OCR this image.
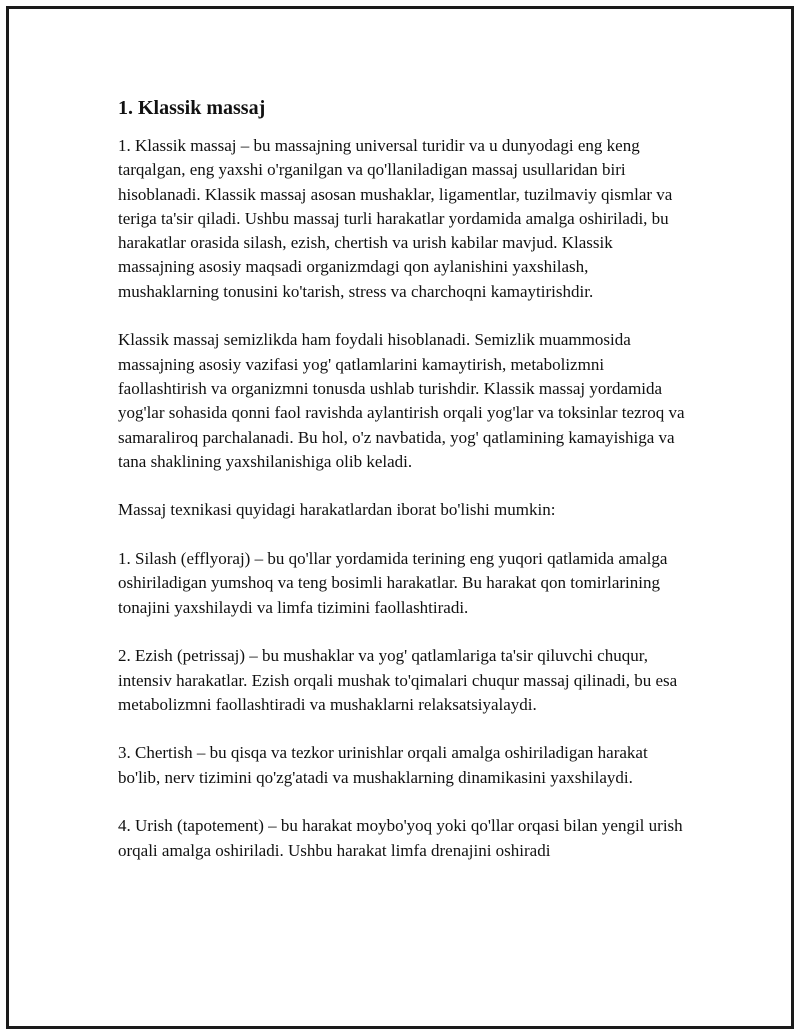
1. Klassik massaj

1. Klassik massaj – bu massajning universal turidir va u dunyodagi eng keng tarqalgan, eng yaxshi o'rganilgan va qo'llaniladigan massaj usullaridan biri hisoblanadi. Klassik massaj asosan mushaklar, ligamentlar, tuzilmaviy qismlar va teriga ta'sir qiladi. Ushbu massaj turli harakatlar yordamida amalga oshiriladi, bu harakatlar orasida silash, ezish, chertish va urish kabilar mavjud. Klassik massajning asosiy maqsadi organizmdagi qon aylanishini yaxshilash, mushaklarning tonusini ko'tarish, stress va charchoqni kamaytirishdir.

Klassik massaj semizlikda ham foydali hisoblanadi. Semizlik muammosida massajning asosiy vazifasi yog' qatlamlarini kamaytirish, metabolizmni faollashtirish va organizmni tonusda ushlab turishdir. Klassik massaj yordamida yog'lar sohasida qonni faol ravishda aylantirish orqali yog'lar va toksinlar tezroq va samaraliroq parchalanadi. Bu hol, o'z navbatida, yog' qatlamining kamayishiga va tana shaklining yaxshilanishiga olib keladi.

Massaj texnikasi quyidagi harakatlardan iborat bo'lishi mumkin:

1. Silash (efflyoraj) – bu qo'llar yordamida terining eng yuqori qatlamida amalga oshiriladigan yumshoq va teng bosimli harakatlar. Bu harakat qon tomirlarining tonajini yaxshilaydi va limfa tizimini faollashtiradi.

2. Ezish (petrissaj) – bu mushaklar va yog' qatlamlariga ta'sir qiluvchi chuqur, intensiv harakatlar. Ezish orqali mushak to'qimalari chuqur massaj qilinadi, bu esa metabolizmni faollashtiradi va mushaklarni relaksatsiyalaydi.

3. Chertish – bu qisqa va tezkor urinishlar orqali amalga oshiriladigan harakat bo'lib, nerv tizimini qo'zg'atadi va mushaklarning dinamikasini yaxshilaydi.

4. Urish (tapotement) – bu harakat moybo'yoq yoki qo'llar orqasi bilan yengil urish orqali amalga oshiriladi. Ushbu harakat limfa drenajini oshiradi
